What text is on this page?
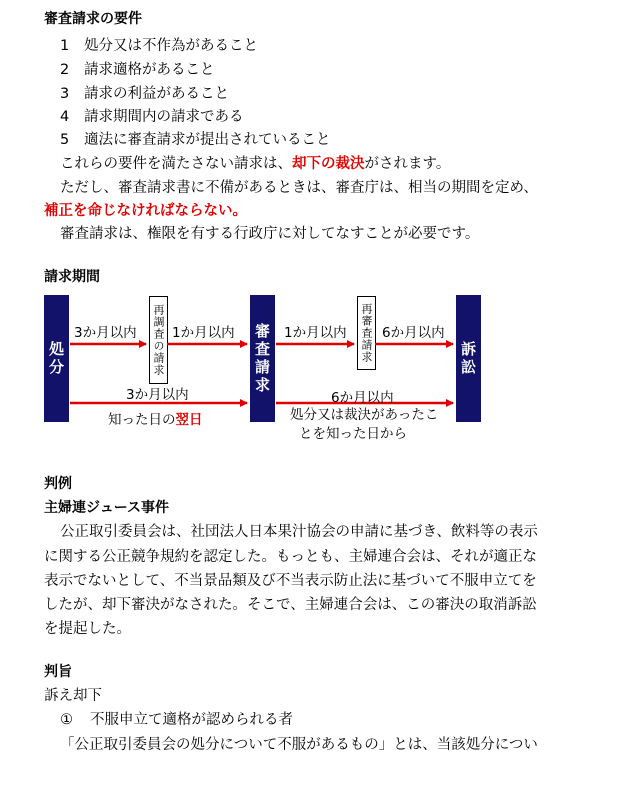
審査請求の要件
1 処分又は不作為があること
2 請求適格があること
3 請求の利益があること
4 請求期間内の請求である
5 適法に審査請求が提出されていること
これらの要件を満たさない請求は、却下の裁決がされます。
ただし、審査請求書に不備があるときは、審査庁は、相当の期間を定め、
補正を命じなければならない。
審査請求は、権限を有する行政庁に対してなすことが必要です。
請求期間
処分	審査請求	訴訟
再調査の請求	再審査請求
3か月以内	1か月以内	1か月以内	6か月以内
3か月以内
知った日の翌日
6か月以内
処分又は裁決があったこ
とを知った日から
判例
主婦連ジュース事件
公正取引委員会は、社団法人日本果汁協会の申請に基づき、飲料等の表示
に関する公正競争規約を認定した。もっとも、主婦連合会は、それが適正な
表示でないとして、不当景品類及び不当表示防止法に基づいて不服申立てを
したが、却下審決がなされた。そこで、主婦連合会は、この審決の取消訴訟
を提起した。
判旨
訴え却下
① 不服申立て適格が認められる者
「公正取引委員会の処分について不服があるもの」とは、当該処分につい
